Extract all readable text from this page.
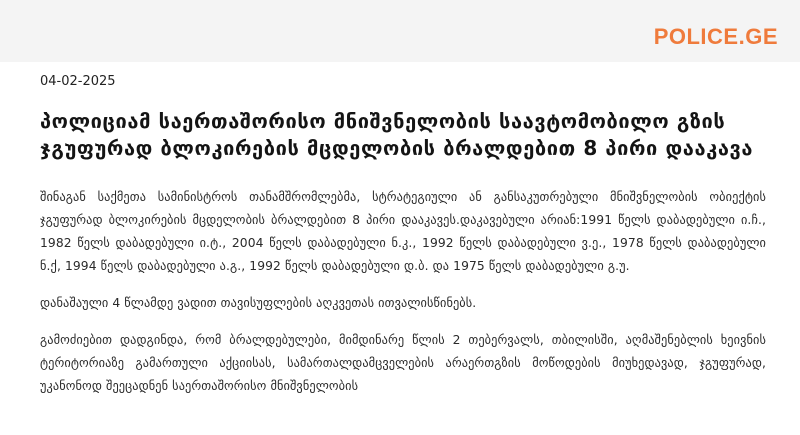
POLICE.GE
04-02-2025
პოლიციამ საერთაშორისო მნიშვნელობის საავტომობილო გზის ჯგუფურად ბლოკირების მცდელობის ბრალდებით 8 პირი დააკავა

შინაგან საქმეთა სამინისტროს თანამშრომლებმა, სტრატეგიული ან განსაკუთრებული მნიშვნელობის ობიექტის ჯგუფურად ბლოკირების მცდელობის ბრალდებით 8 პირი დააკავეს.დაკავებული არიან:1991 წელს დაბადებული ი.ჩ., 1982 წელს დაბადებული ი.ტ., 2004 წელს დაბადებული ნ.კ., 1992 წელს დაბადებული ვ.ე., 1978 წელს დაბადებული ნ.ქ, 1994 წელს დაბადებული ა.გ., 1992 წელს დაბადებული დ.ბ. და 1975 წელს დაბადებული გ.უ.

დანაშაული 4 წლამდე ვადით თავისუფლების აღკვეთას ითვალისწინებს.

გამოძიებით დადგინდა, რომ ბრალდებულები, მიმდინარე წლის 2 თებერვალს, თბილისში, აღმაშენებლის ხეივნის ტერიტორიაზე გამართული აქციისას, სამართალდამცველების არაერთგზის მოწოდების მიუხედავად, ჯგუფურად, უკანონოდ შეეცადნენ საერთაშორისო მნიშვნელობის
